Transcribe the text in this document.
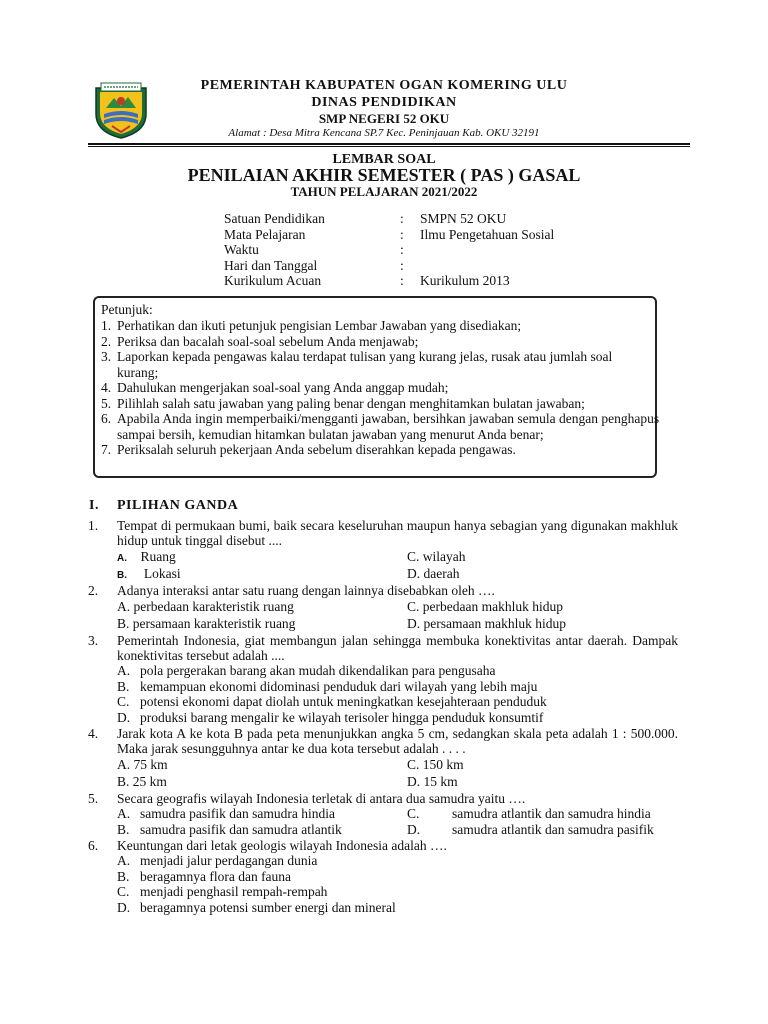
PEMERINTAH KABUPATEN OGAN KOMERING ULU
DINAS PENDIDIKAN
SMP NEGERI 52 OKU
Alamat : Desa Mitra Kencana SP.7 Kec. Peninjauan Kab. OKU 32191
LEMBAR SOAL
PENILAIAN AKHIR SEMESTER ( PAS ) GASAL
TAHUN PELAJARAN 2021/2022
Satuan Pendidikan	: SMPN 52 OKU
Mata Pelajaran	: Ilmu Pengetahuan Sosial
Waktu	:
Hari dan Tanggal	:
Kurikulum Acuan	: Kurikulum 2013
Petunjuk:
1. Perhatikan dan ikuti petunjuk pengisian Lembar Jawaban yang disediakan;
2. Periksa dan bacalah soal-soal sebelum Anda menjawab;
3. Laporkan kepada pengawas kalau terdapat tulisan yang kurang jelas, rusak atau jumlah soal kurang;
4. Dahulukan mengerjakan soal-soal yang Anda anggap mudah;
5. Pilihlah salah satu jawaban yang paling benar dengan menghitamkan bulatan jawaban;
6. Apabila Anda ingin memperbaiki/mengganti jawaban, bersihkan jawaban semula dengan penghapus sampai bersih, kemudian hitamkan bulatan jawaban yang menurut Anda benar;
7. Periksalah seluruh pekerjaan Anda sebelum diserahkan kepada pengawas.
I. PILIHAN GANDA
1. Tempat di permukaan bumi, baik secara keseluruhan maupun hanya sebagian yang digunakan makhluk hidup untuk tinggal disebut ....
A. Ruang	C. wilayah
B. Lokasi	D. daerah
2. Adanya interaksi antar satu ruang dengan lainnya disebabkan oleh ….
A. perbedaan karakteristik ruang	C. perbedaan makhluk hidup
B. persamaan karakteristik ruang	D. persamaan makhluk hidup
3. Pemerintah Indonesia, giat membangun jalan sehingga membuka konektivitas antar daerah. Dampak konektivitas tersebut adalah ....
A. pola pergerakan barang akan mudah dikendalikan para pengusaha
B. kemampuan ekonomi didominasi penduduk dari wilayah yang lebih maju
C. potensi ekonomi dapat diolah untuk meningkatkan kesejahteraan penduduk
D. produksi barang mengalir ke wilayah terisoler hingga penduduk konsumtif
4. Jarak kota A ke kota B pada peta menunjukkan angka 5 cm, sedangkan skala peta adalah 1 : 500.000. Maka jarak sesungguhnya antar ke dua kota tersebut adalah . . . .
A. 75 km	C. 150 km
B. 25 km	D. 15 km
5. Secara geografis wilayah Indonesia terletak di antara dua samudra yaitu ….
A. samudra pasifik dan samudra hindia	C. samudra atlantik dan samudra hindia
B. samudra pasifik dan samudra atlantik	D. samudra atlantik dan samudra pasifik
6. Keuntungan dari letak geologis wilayah Indonesia adalah ….
A. menjadi jalur perdagangan dunia
B. beragamnya flora dan fauna
C. menjadi penghasil rempah-rempah
D. beragamnya potensi sumber energi dan mineral
